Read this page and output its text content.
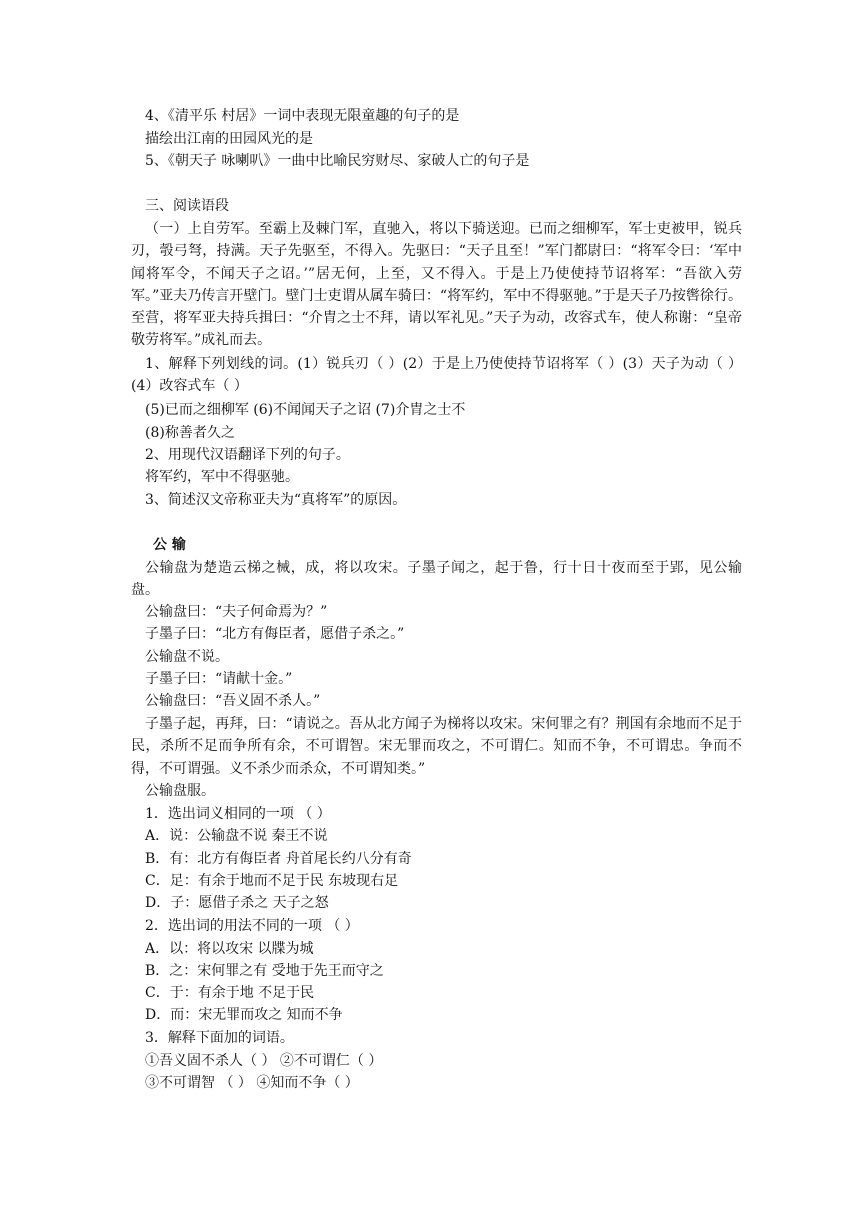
4、《清平乐 村居》一词中表现无限童趣的句子的是
描绘出江南的田园风光的是
5、《朝天子 咏喇叭》一曲中比喻民穷财尽、家破人亡的句子是
三、阅读语段
（一）上自劳军。至霸上及棘门军，直驰入，将以下骑送迎。已而之细柳军，军士吏被甲，锐兵刃，彀弓弩，持满。天子先驱至，不得入。先驱曰：“天子且至！”军门都尉曰：“将军令曰：‘军中闻将军令，不闻天子之诏。’”居无何，上至，又不得入。于是上乃使使持节诏将军：“吾欲入劳军。”亚夫乃传言开壁门。壁门士吏谓从属车骑曰：“将军约，军中不得驱驰。”于是天子乃按辔徐行。至营，将军亚夫持兵揖曰：“介胄之士不拜，请以军礼见。”天子为动，改容式车，使人称谢：“皇帝敬劳将军。”成礼而去。
1、解释下列划线的词。(1）锐兵刃（ ）(2）于是上乃使使持节诏将军（ ）(3）天子为动（ ）(4）改容式车（ ）
(5)已而之细柳军 (6)不闻闻天子之诏 (7)介胄之士不
(8)称善者久之
2、用现代汉语翻译下列的句子。
将军约，军中不得驱驰。
3、简述汉文帝称亚夫为“真将军”的原因。
公 输
公输盘为楚造云梯之械，成，将以攻宋。子墨子闻之，起于鲁，行十日十夜而至于郢，见公输盘。
公输盘曰：“夫子何命焉为？”
子墨子曰：“北方有侮臣者，愿借子杀之。”
公输盘不说。
子墨子曰：“请献十金。”
公输盘曰：“吾义固不杀人。”
子墨子起，再拜，曰：“请说之。吾从北方闻子为梯将以攻宋。宋何罪之有？荆国有余地而不足于民，杀所不足而争所有余，不可谓智。宋无罪而攻之，不可谓仁。知而不争，不可谓忠。争而不得，不可谓强。义不杀少而杀众，不可谓知类。”
公输盘服。
1．选出词义相同的一项 （ ）
A．说：公输盘不说 秦王不说
B．有：北方有侮臣者 舟首尾长约八分有奇
C．足：有余于地而不足于民 东坡现右足
D．子：愿借子杀之 天子之怒
2．选出词的用法不同的一项 （ ）
A．以：将以攻宋 以牒为城
B．之：宋何罪之有 受地于先王而守之
C．于：有余于地 不足于民
D．而：宋无罪而攻之 知而不争
3．解释下面加的词语。
①吾义固不杀人（ ） ②不可谓仁（ ）
③不可谓智 （ ） ④知而不争（ ）
